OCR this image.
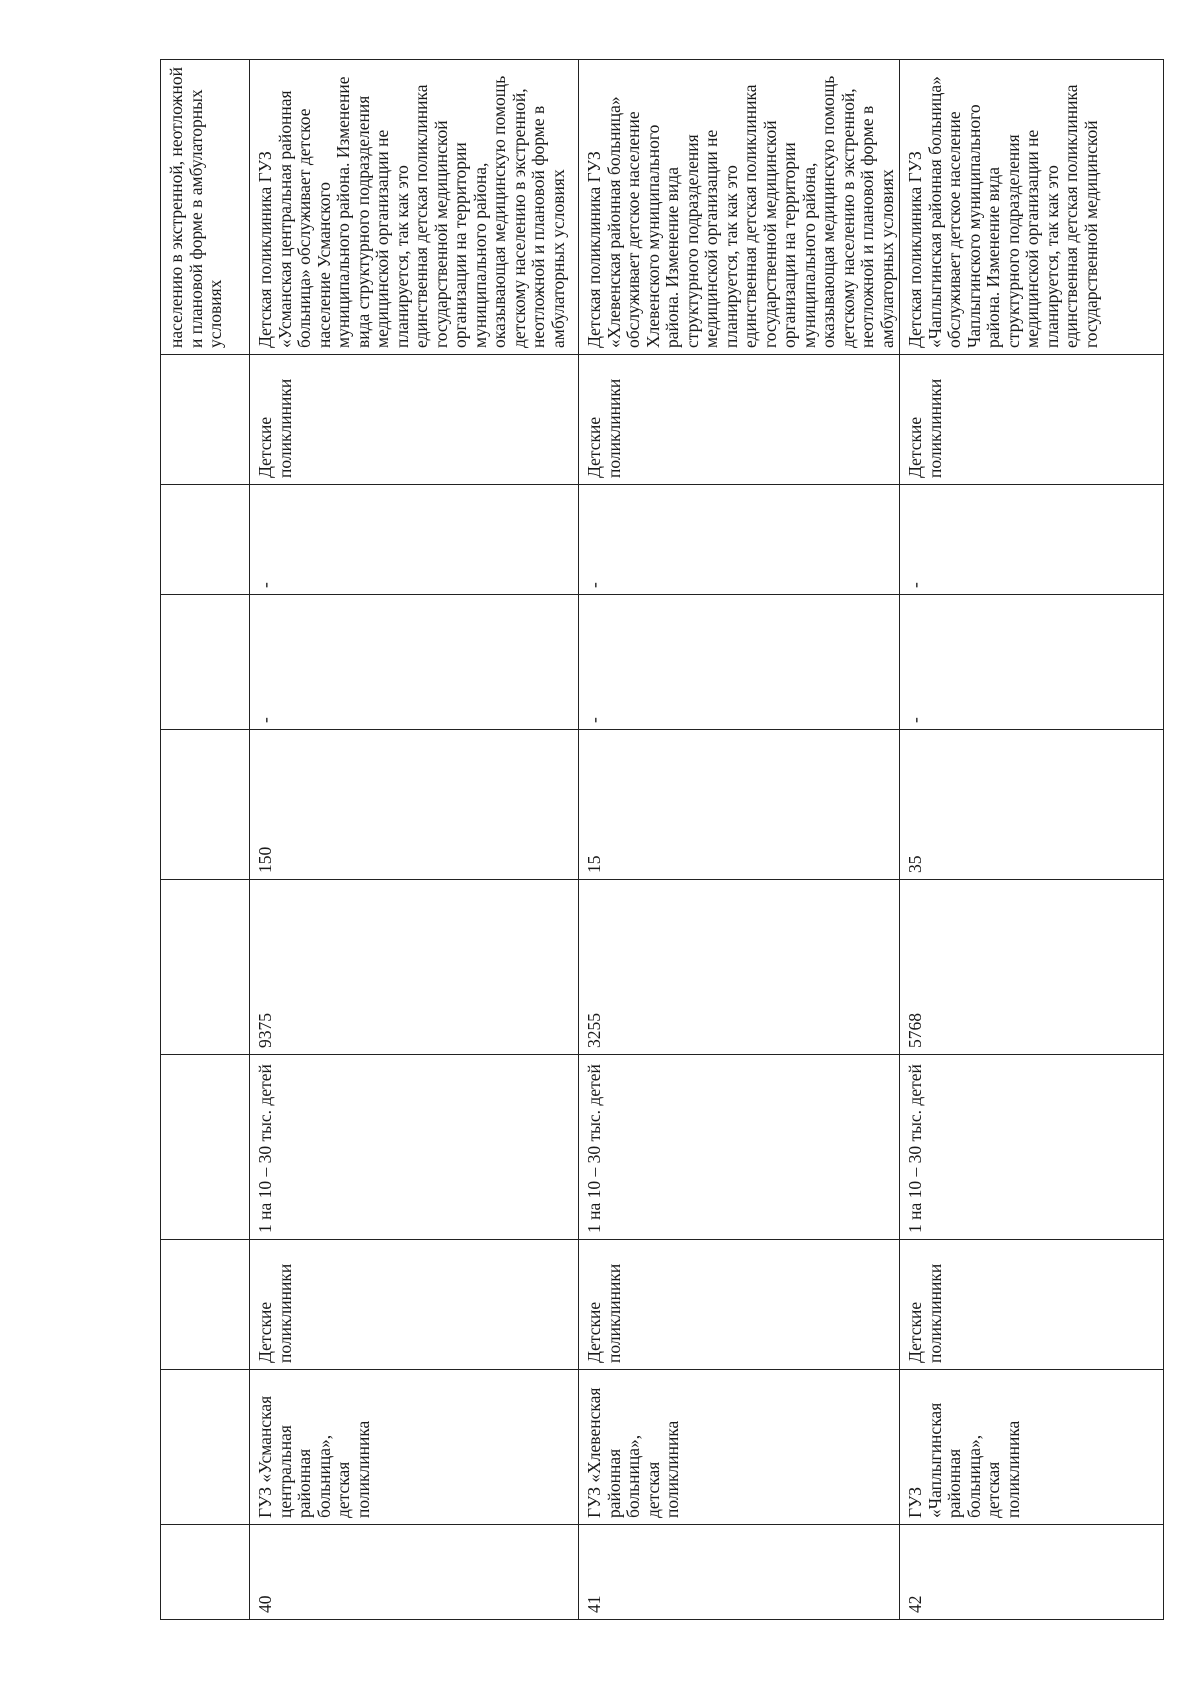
									населению в экстренной, неотложной и плановой форме в амбулаторных условиях
40	ГУЗ «Усманская центральная районная больница», детская поликлиника	Детские поликлиники	1 на 10 – 30 тыс. детей	9375	150	-	-	Детские поликлиники	Детская поликлиника ГУЗ «Усманская центральная районная больница» обслуживает детское население Усманского муниципального района. Изменение вида структурного подразделения медицинской организации не планируется, так как это единственная детская поликлиника государственной медицинской организации на территории муниципального района, оказывающая медицинскую помощь детскому населению в экстренной, неотложной и плановой форме в амбулаторных условиях
41	ГУЗ «Хлевенская районная больница», детская поликлиника	Детские поликлиники	1 на 10 – 30 тыс. детей	3255	15	-	-	Детские поликлиники	Детская поликлиника ГУЗ «Хлевенская районная больница» обслуживает детское население Хлевенского муниципального района. Изменение вида структурного подразделения медицинской организации не планируется, так как это единственная детская поликлиника государственной медицинской организации на территории муниципального района, оказывающая медицинскую помощь детскому населению в экстренной, неотложной и плановой форме в амбулаторных условиях
42	ГУЗ «Чаплыгинская районная больница», детская поликлиника	Детские поликлиники	1 на 10 – 30 тыс. детей	5768	35	-	-	Детские поликлиники	Детская поликлиника ГУЗ «Чаплыгинская районная больница» обслуживает детское население Чаплыгинского муниципального района. Изменение вида структурного подразделения медицинской организации не планируется, так как это единственная детская поликлиника государственной медицинской
